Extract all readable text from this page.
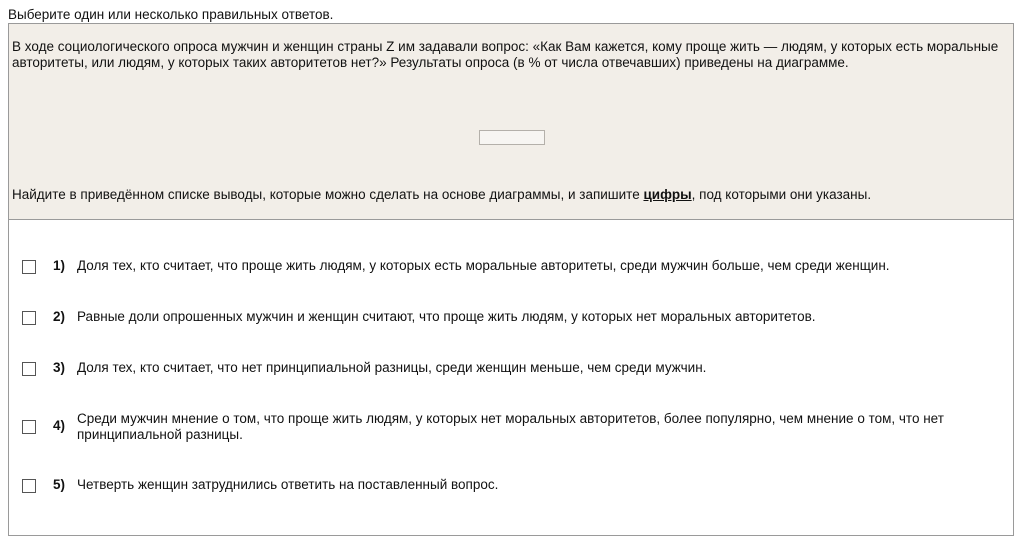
Выберите один или несколько правильных ответов.
В ходе социологического опроса мужчин и женщин страны Z им задавали вопрос: «Как Вам кажется, кому проще жить — людям, у которых есть моральные авторитеты, или людям, у которых таких авторитетов нет?» Результаты опроса (в % от числа отвечавших) приведены на диаграмме.
Найдите в приведённом списке выводы, которые можно сделать на основе диаграммы, и запишите цифры, под которыми они указаны.
1) Доля тех, кто считает, что проще жить людям, у которых есть моральные авторитеты, среди мужчин больше, чем среди женщин.
2) Равные доли опрошенных мужчин и женщин считают, что проще жить людям, у которых нет моральных авторитетов.
3) Доля тех, кто считает, что нет принципиальной разницы, среди женщин меньше, чем среди мужчин.
4) Среди мужчин мнение о том, что проще жить людям, у которых нет моральных авторитетов, более популярно, чем мнение о том, что нет принципиальной разницы.
5) Четверть женщин затруднились ответить на поставленный вопрос.
